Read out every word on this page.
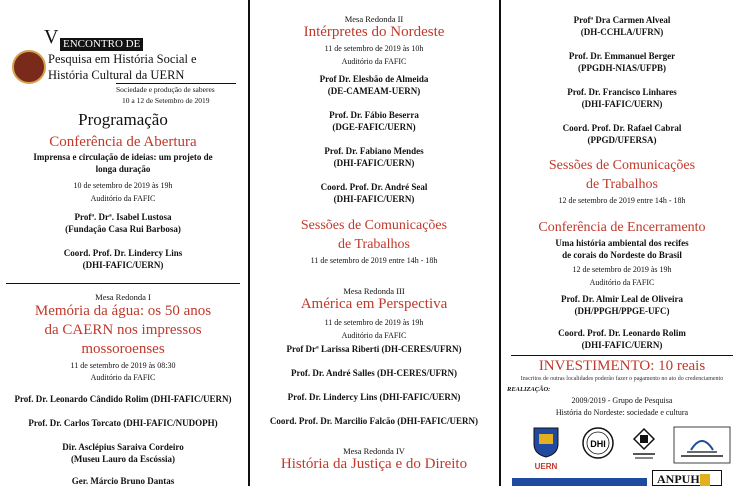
V ENCONTRO DE
Pesquisa em História Social e
História Cultural da UERN
Sociedade e produção de saberes
10 a 12 de Setembro de 2019
Programação
Conferência de Abertura
Imprensa e circulação de ideias: um projeto de
longa duração
10 de setembro de 2019 às 19h
Auditório da FAFIC
Profª. Drª. Isabel Lustosa
(Fundação Casa Rui Barbosa)
Coord. Prof. Dr. Lindercy Lins
(DHI-FAFIC/UERN)
Mesa Redonda I
Memória da água: os 50 anos
da CAERN nos impressos
mossoroenses
11 de setembro de 2019 às 08:30
Auditório da FAFIC
Prof. Dr. Leonardo Cândido Rolim (DHI-FAFIC/UERN)
Prof. Dr. Carlos Torcato (DHI-FAFIC/NUDOPH)
Dir. Asclépius Saraiva Cordeiro
(Museu Lauro da Escóssia)
Ger. Márcio Bruno Dantas
Mesa Redonda II
Intérpretes do Nordeste
11 de setembro de 2019 às 10h
Auditório da FAFIC
Prof Dr. Elesbão de Almeida
(DE-CAMEAM-UERN)
Prof. Dr. Fábio Beserra
(DGE-FAFIC/UERN)
Prof. Dr. Fabiano Mendes
(DHI-FAFIC/UERN)
Coord. Prof. Dr. André Seal
(DHI-FAFIC/UERN)
Sessões de Comunicações
de Trabalhos
11 de setembro de 2019 entre 14h - 18h
Mesa Redonda III
América em Perspectiva
11 de setembro de 2019 às 19h
Auditório da FAFIC
Prof Drª Larissa Riberti (DH-CERES/UFRN)
Prof. Dr. André Salles (DH-CERES/UFRN)
Prof. Dr. Lindercy Lins (DHI-FAFIC/UERN)
Coord. Prof. Dr. Marcilio Falcão (DHI-FAFIC/UERN)
Mesa Redonda IV
História da Justiça e do Direito
Profª Dra Carmen Alveal
(DH-CCHLA/UFRN)
Prof. Dr. Emmanuel Berger
(PPGDH-NIAS/UFPB)
Prof. Dr. Francisco Linhares
(DHI-FAFIC/UERN)
Coord. Prof. Dr. Rafael Cabral
(PPGD/UFERSA)
Sessões de Comunicações
de Trabalhos
12 de setembro de 2019 entre 14h - 18h
Conferência de Encerramento
Uma história ambiental dos recifes
de corais do Nordeste do Brasil
12 de setembro de 2019 às 19h
Auditório da FAFIC
Prof. Dr. Almir Leal de Oliveira
(DH/PPGH/PPGE-UFC)
Coord. Prof. Dr. Leonardo Rolim
(DHI-FAFIC/UERN)
INVESTIMENTO: 10 reais
Inscritos de outras localidades poderão fazer o pagamento no ato do credenciamento
REALIZAÇÃO:
2009/2019 - Grupo de Pesquisa
História do Nordeste: sociedade e cultura
UERN
DHI
ANPUH
